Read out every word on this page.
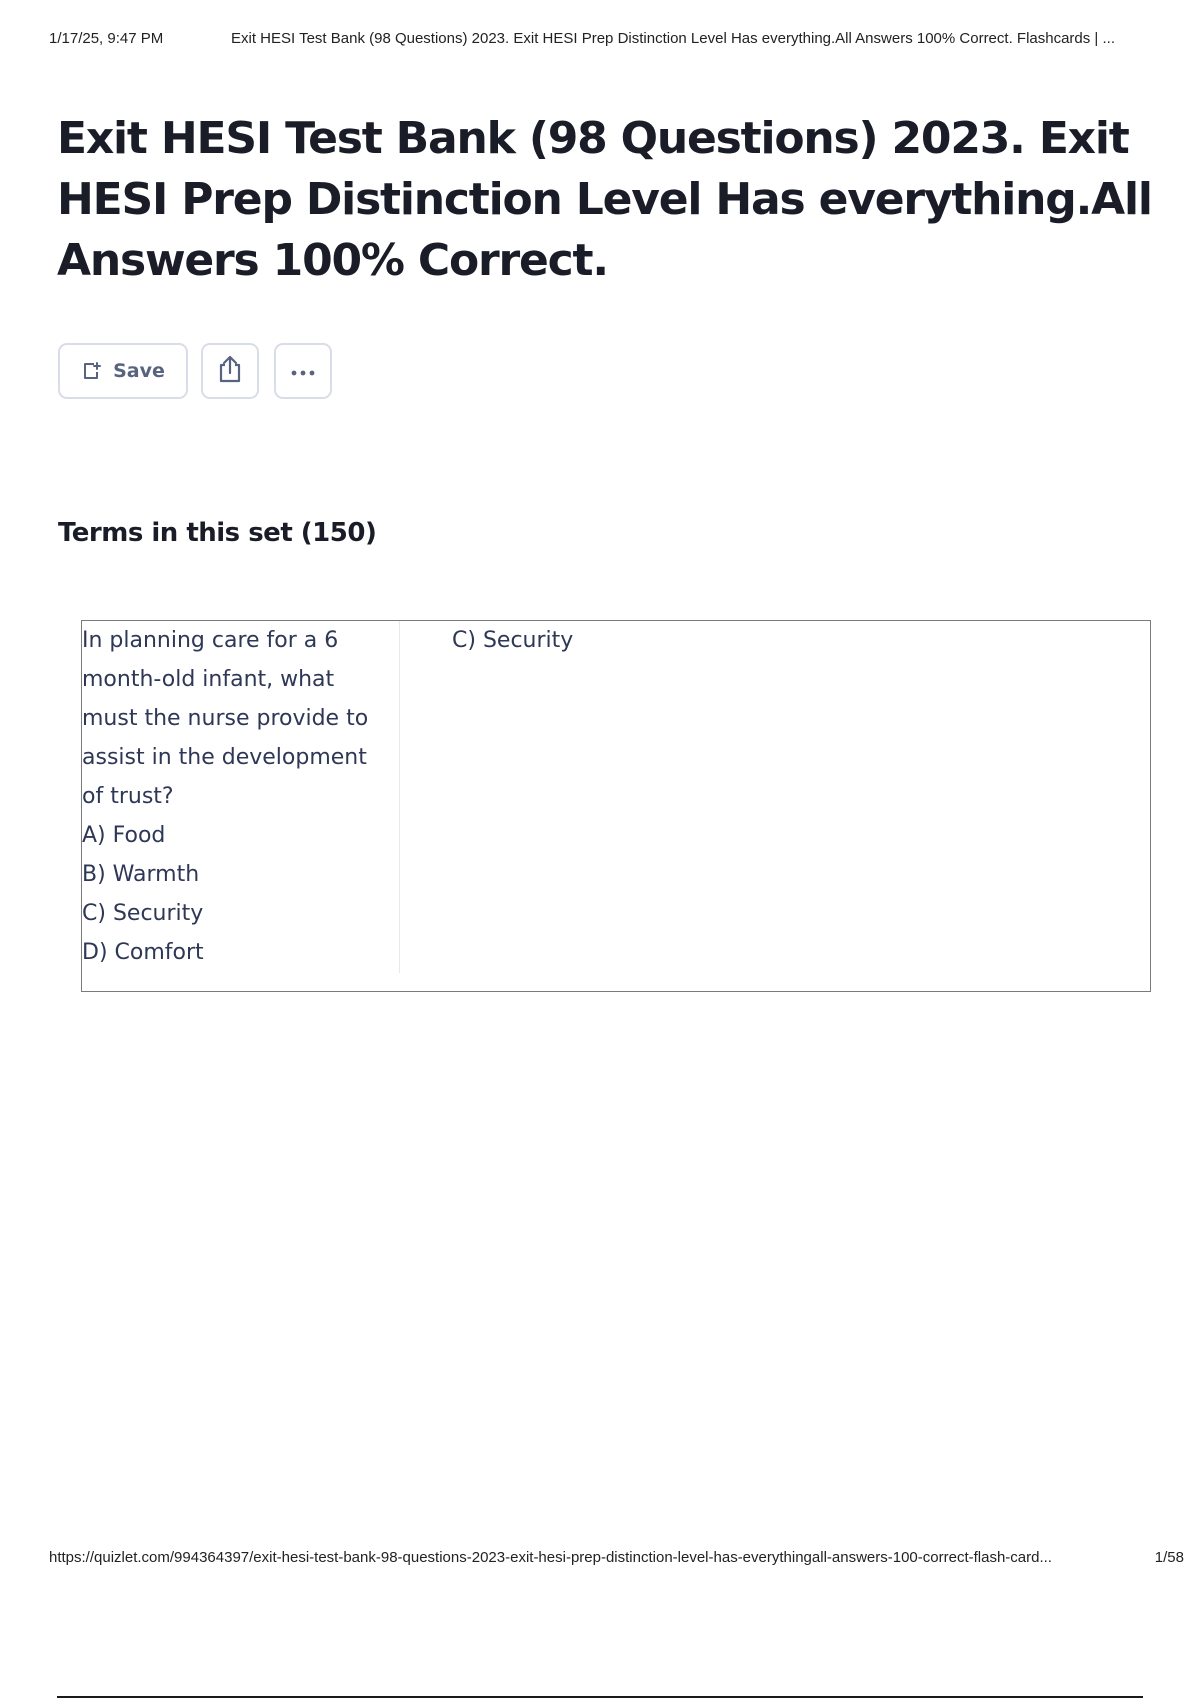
1/17/25, 9:47 PM	Exit HESI Test Bank (98 Questions) 2023. Exit HESI Prep Distinction Level Has everything.All Answers 100% Correct. Flashcards | ...
Exit HESI Test Bank (98 Questions) 2023. Exit HESI Prep Distinction Level Has everything.All Answers 100% Correct.
Save
Terms in this set (150)

In planning care for a 6 month-old infant, what must the nurse provide to assist in the development of trust?

A) Food

B) Warmth

C) Security

D) Comfort

C) Security

https://quizlet.com/994364397/exit-hesi-test-bank-98-questions-2023-exit-hesi-prep-distinction-level-has-everythingall-answers-100-correct-flash-card...	1/58
